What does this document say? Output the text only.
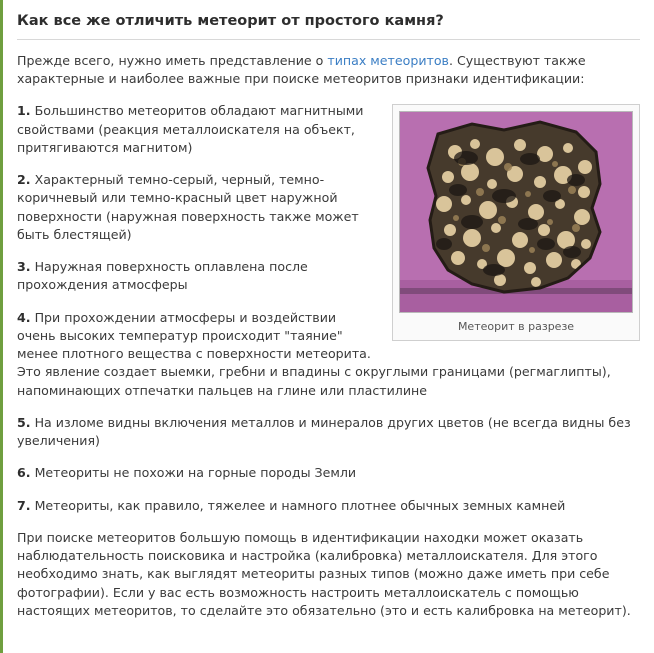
Как все же отличить метеорит от простого камня?

Прежде всего, нужно иметь представление о типах метеоритов. Существуют также характерные и наиболее важные при поиске метеоритов признаки идентификации:

Метеорит в разрезе

1. Большинство метеоритов обладают магнитными свойствами (реакция металлоискателя на объект, притягиваются магнитом)

2. Характерный темно-серый, черный, темно-коричневый или темно-красный цвет наружной поверхности (наружная поверхность также может быть блестящей)

3. Наружная поверхность оплавлена после прохождения атмосферы

4. При прохождении атмосферы и воздействии очень высоких температур происходит "таяние" менее плотного вещества с поверхности метеорита. Это явление создает выемки, гребни и впадины с округлыми границами (регмаглипты), напоминающих отпечатки пальцев на глине или пластилине

5. На изломе видны включения металлов и минералов других цветов (не всегда видны без увеличения)

6. Метеориты не похожи на горные породы Земли

7. Метеориты, как правило, тяжелее и намного плотнее обычных земных камней

При поиске метеоритов большую помощь в идентификации находки может оказать наблюдательность поисковика и настройка (калибровка) металлоискателя. Для этого необходимо знать, как выглядят метеориты разных типов (можно даже иметь при себе фотографии). Если у вас есть возможность настроить металлоискатель с помощью настоящих метеоритов, то сделайте это обязательно (это и есть калибровка на метеорит).
